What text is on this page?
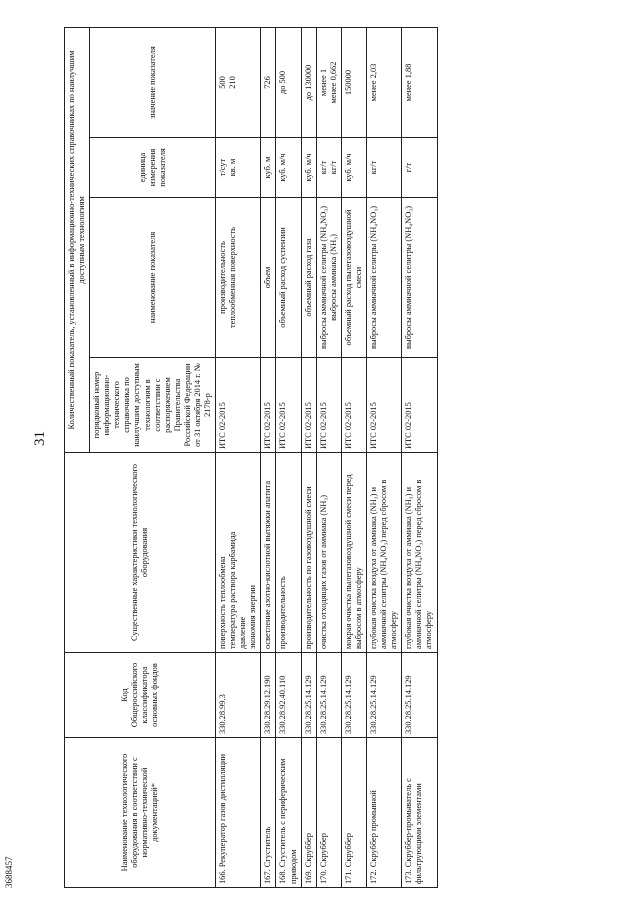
31
Наименование технологического оборудования в соответствии с нормативно-технической документацией*	Код Общероссийского классификатора основных фондов	Существенные характеристики технологического оборудования	Количественный показатель, установленный в информационно-технических справочниках по наилучшим доступным технологиям			
			порядковый номер информационно-технического справочника по наилучшим доступным технологиям в соответствии с распоряжением Правительства Российской Федерации от 31 октября 2014 г. № 2178-р	наименование показателя	единица измерения показателя	значение показателя
166. Рекуператор газов дистилляции	330.28.99.3	поверхность теплообмена температура раствора карбамида давление экономия энергии	ИТС 02-2015	производительность теплообменная поверхность	т/сут кв. м	500 210

167. Сгуститель	330.28.29.12.190	осветление азотно-кислотной вытяжки апатита	ИТС 02-2015	объем	куб. м	726

168. Сгуститель с периферическим приводом	330.28.92.40.110	производительность	ИТС 02-2015	объемный расход суспензии	куб. м/ч	до 500

169. Скруббер	330.28.25.14.129	производительность по газовоздушной смеси	ИТС 02-2015	объемный расход газа	куб. м/ч	до 130000

170. Скруббер	330.28.25.14.129	очистка отходящих газов от аммиака (NH₃)	ИТС 02-2015	выбросы аммиачной селитры (NH₄NO₃) выбросы аммиака (NH₃)	кг/т кг/т	менее 1 менее 0,662

171. Скруббер	330.28.25.14.129	мокрая очистка пылегазовоздушной смеси перед выбросом в атмосферу	ИТС 02-2015	объемный расход пылегазовоздушной смеси	куб. м/ч	150000

172. Скруббер промывной	330.28.25.14.129	глубокая очистка воздуха от аммиака (NH₃) и аммиачной селитры (NH₄NO₃) перед сбросом в атмосферу	ИТС 02-2015	выбросы аммиачной селитры (NH₄NO₃)	кг/т	менее 2,03

173. Скруббер-промыватель с фильтрующими элементами	330.28.25.14.129	глубокая очистка воздуха от аммиака (NH₃) и аммиачной селитры (NH₄NO₃) перед сбросом в атмосферу	ИТС 02-2015	выбросы аммиачной селитры (NH₄NO₃)	г/т	менее 1,88
3688457
